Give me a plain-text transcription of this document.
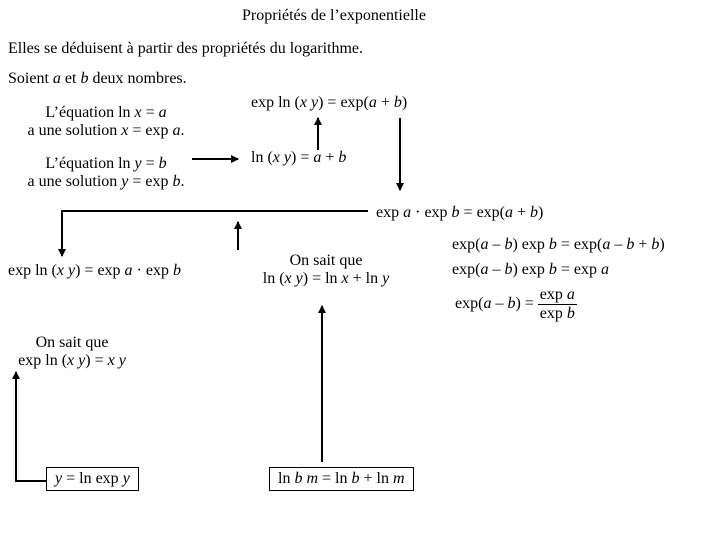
Propriétés de l’exponentielle
Elles se déduisent à partir des propriétés du logarithme.
Soient a et b deux nombres.
L’équation ln x = a
a une solution x = exp a.
L’équation ln y = b
a une solution y = exp b.
exp ln (x y) = exp(a + b)
ln (x y) = a + b
exp a · exp b = exp(a + b)
exp ln (x y) = exp a · exp b
On sait que
ln (x y) = ln x + ln y
exp(a – b) exp b = exp(a – b + b)
exp(a – b) exp b = exp a
$\exp(a - b) = \frac{\text{exp a}}{\text{exp b}}$
On sait que
exp ln (x y) = x y
y = ln exp y	ln b m = ln b + ln m
